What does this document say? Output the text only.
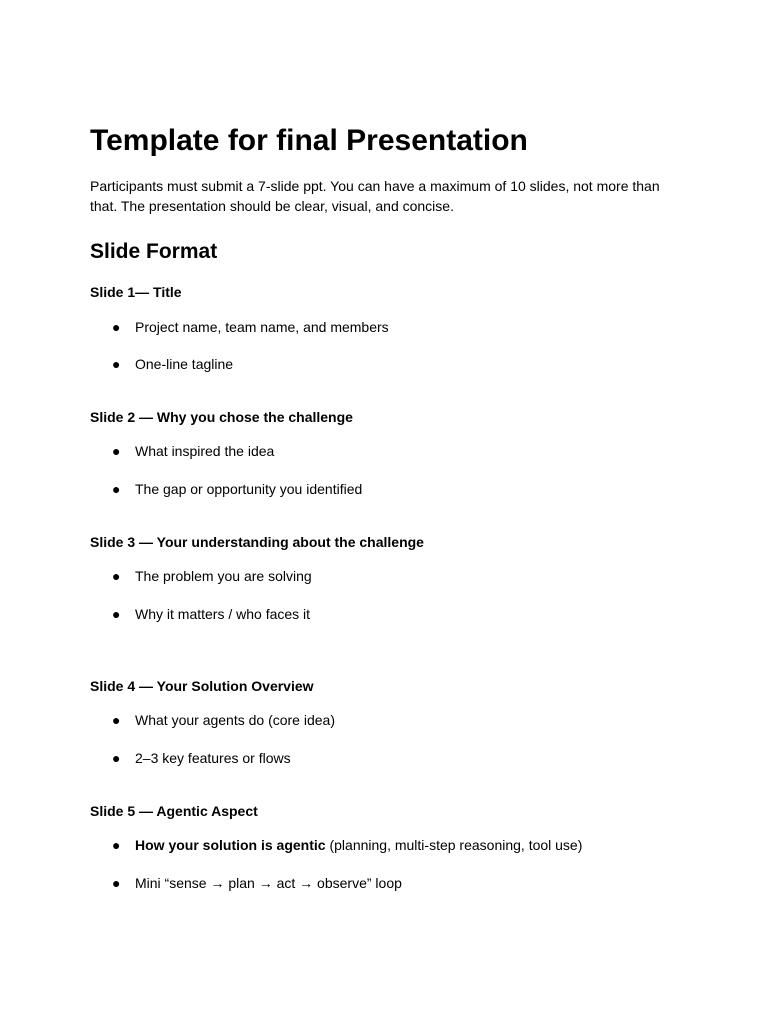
Template for final Presentation

Participants must submit a 7-slide ppt. You can have a maximum of 10 slides, not more than that. The presentation should be clear, visual, and concise.

Slide Format
Slide 1— Title
● Project name, team name, and members
● One-line tagline
Slide 2 — Why you chose the challenge
● What inspired the idea
● The gap or opportunity you identified
Slide 3 — Your understanding about the challenge
● The problem you are solving
● Why it matters / who faces it
Slide 4 — Your Solution Overview
● What your agents do (core idea)
● 2–3 key features or flows
Slide 5 — Agentic Aspect
● How your solution is agentic (planning, multi-step reasoning, tool use)
● Mini “sense → plan → act → observe” loop
